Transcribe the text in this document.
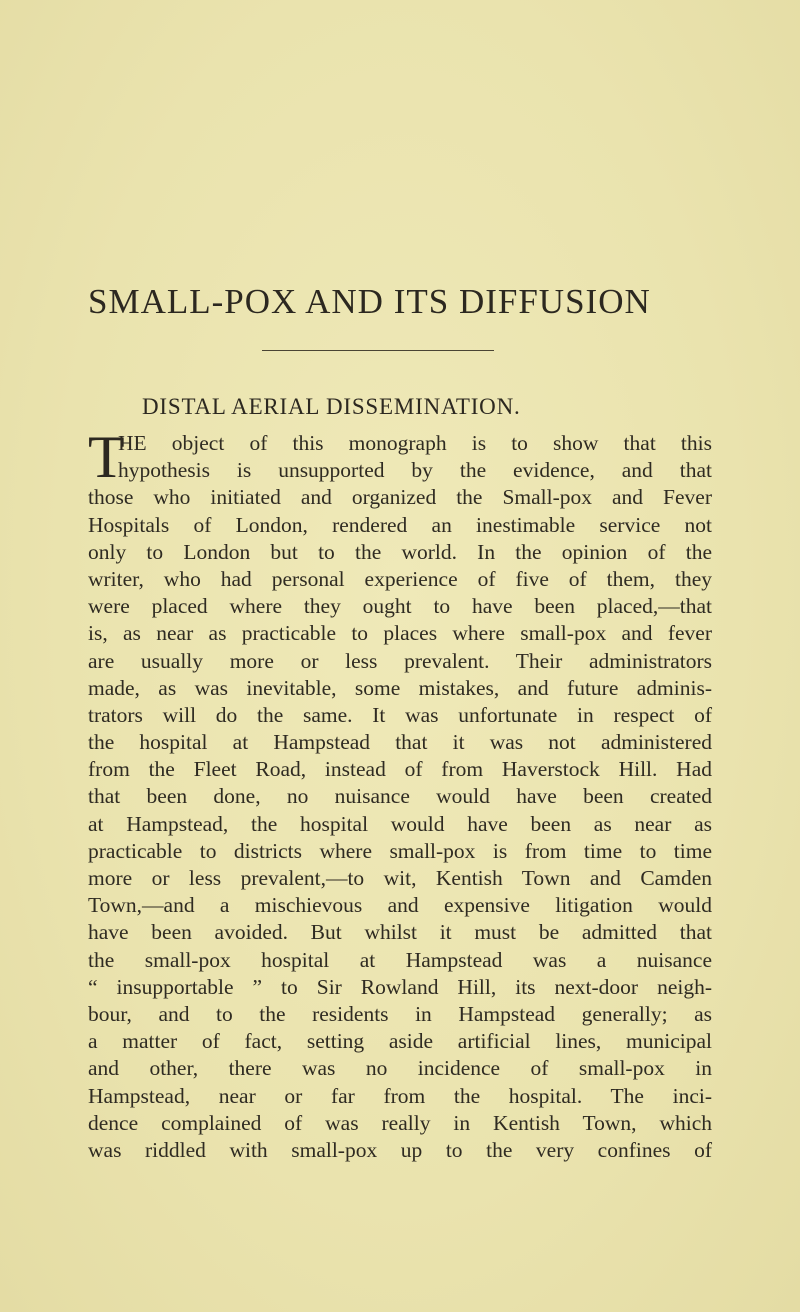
SMALL-POX AND ITS DIFFUSION
DISTAL AERIAL DISSEMINATION.
T
HE object of this monograph is to show that this
hypothesis is unsupported by the evidence, and that
those who initiated and organized the Small-pox and Fever
Hospitals of London, rendered an inestimable service not
only to London but to the world. In the opinion of the
writer, who had personal experience of five of them, they
were placed where they ought to have been placed,—that
is, as near as practicable to places where small-pox and fever
are usually more or less prevalent. Their administrators
made, as was inevitable, some mistakes, and future adminis-
trators will do the same. It was unfortunate in respect of
the hospital at Hampstead that it was not administered
from the Fleet Road, instead of from Haverstock Hill. Had
that been done, no nuisance would have been created
at Hampstead, the hospital would have been as near as
practicable to districts where small-pox is from time to time
more or less prevalent,—to wit, Kentish Town and Camden
Town,—and a mischievous and expensive litigation would
have been avoided. But whilst it must be admitted that
the small-pox hospital at Hampstead was a nuisance
“ insupportable ” to Sir Rowland Hill, its next-door neigh-
bour, and to the residents in Hampstead generally; as
a matter of fact, setting aside artificial lines, municipal
and other, there was no incidence of small-pox in
Hampstead, near or far from the hospital. The inci-
dence complained of was really in Kentish Town, which
was riddled with small-pox up to the very confines of
